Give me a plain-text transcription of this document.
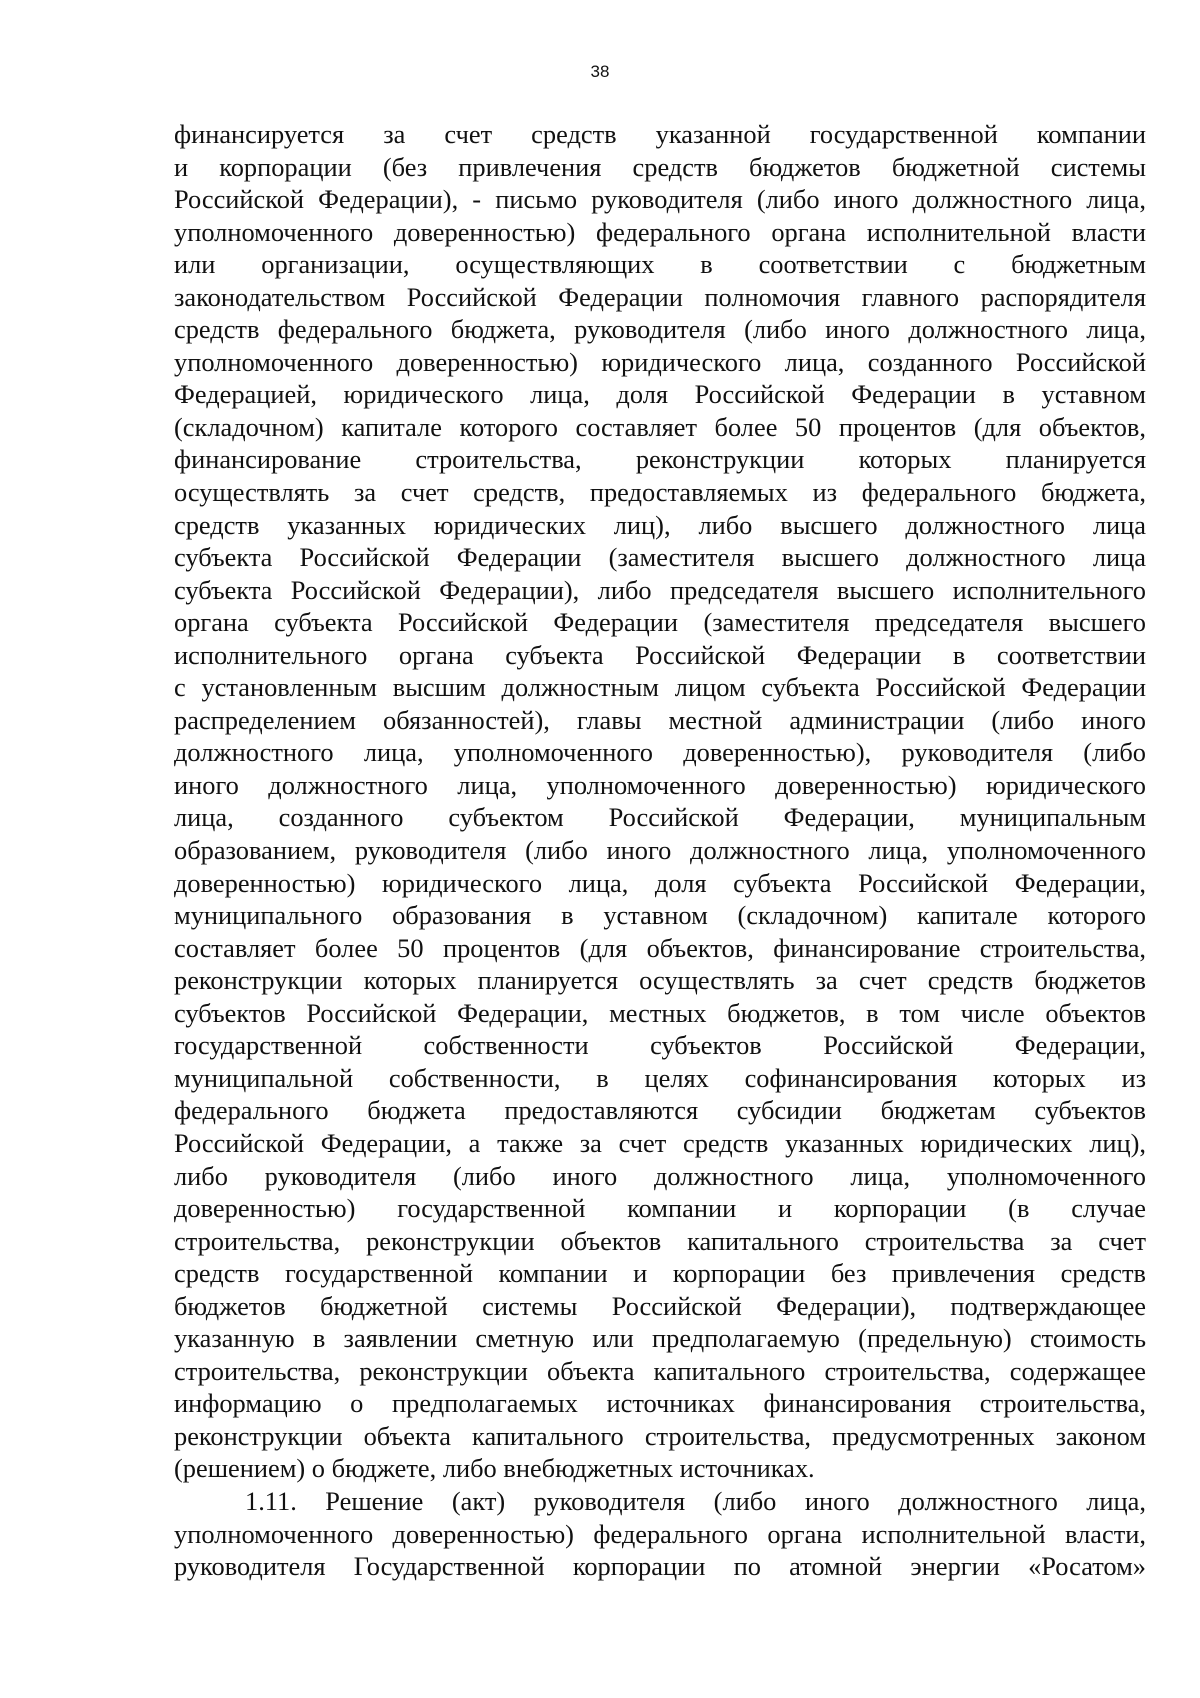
38

финансируется за счет средств указанной государственной компании

и корпорации (без привлечения средств бюджетов бюджетной системы

Российской Федерации), - письмо руководителя (либо иного должностного лица,

уполномоченного доверенностью) федерального органа исполнительной власти

или организации, осуществляющих в соответствии с бюджетным

законодательством Российской Федерации полномочия главного распорядителя

средств федерального бюджета, руководителя (либо иного должностного лица,

уполномоченного доверенностью) юридического лица, созданного Российской

Федерацией, юридического лица, доля Российской Федерации в уставном

(складочном) капитале которого составляет более 50 процентов (для объектов,

финансирование строительства, реконструкции которых планируется

осуществлять за счет средств, предоставляемых из федерального бюджета,

средств указанных юридических лиц), либо высшего должностного лица

субъекта Российской Федерации (заместителя высшего должностного лица

субъекта Российской Федерации), либо председателя высшего исполнительного

органа субъекта Российской Федерации (заместителя председателя высшего

исполнительного органа субъекта Российской Федерации в соответствии

с установленным высшим должностным лицом субъекта Российской Федерации

распределением обязанностей), главы местной администрации (либо иного

должностного лица, уполномоченного доверенностью), руководителя (либо

иного должностного лица, уполномоченного доверенностью) юридического

лица, созданного субъектом Российской Федерации, муниципальным

образованием, руководителя (либо иного должностного лица, уполномоченного

доверенностью) юридического лица, доля субъекта Российской Федерации,

муниципального образования в уставном (складочном) капитале которого

составляет более 50 процентов (для объектов, финансирование строительства,

реконструкции которых планируется осуществлять за счет средств бюджетов

субъектов Российской Федерации, местных бюджетов, в том числе объектов

государственной собственности субъектов Российской Федерации,

муниципальной собственности, в целях софинансирования которых из

федерального бюджета предоставляются субсидии бюджетам субъектов

Российской Федерации, а также за счет средств указанных юридических лиц),

либо руководителя (либо иного должностного лица, уполномоченного

доверенностью) государственной компании и корпорации (в случае

строительства, реконструкции объектов капитального строительства за счет

средств государственной компании и корпорации без привлечения средств

бюджетов бюджетной системы Российской Федерации), подтверждающее

указанную в заявлении сметную или предполагаемую (предельную) стоимость

строительства, реконструкции объекта капитального строительства, содержащее

информацию о предполагаемых источниках финансирования строительства,

реконструкции объекта капитального строительства, предусмотренных законом

(решением) о бюджете, либо внебюджетных источниках.

1.11. Решение (акт) руководителя (либо иного должностного лица,

уполномоченного доверенностью) федерального органа исполнительной власти,

руководителя Государственной корпорации по атомной энергии «Росатом»
